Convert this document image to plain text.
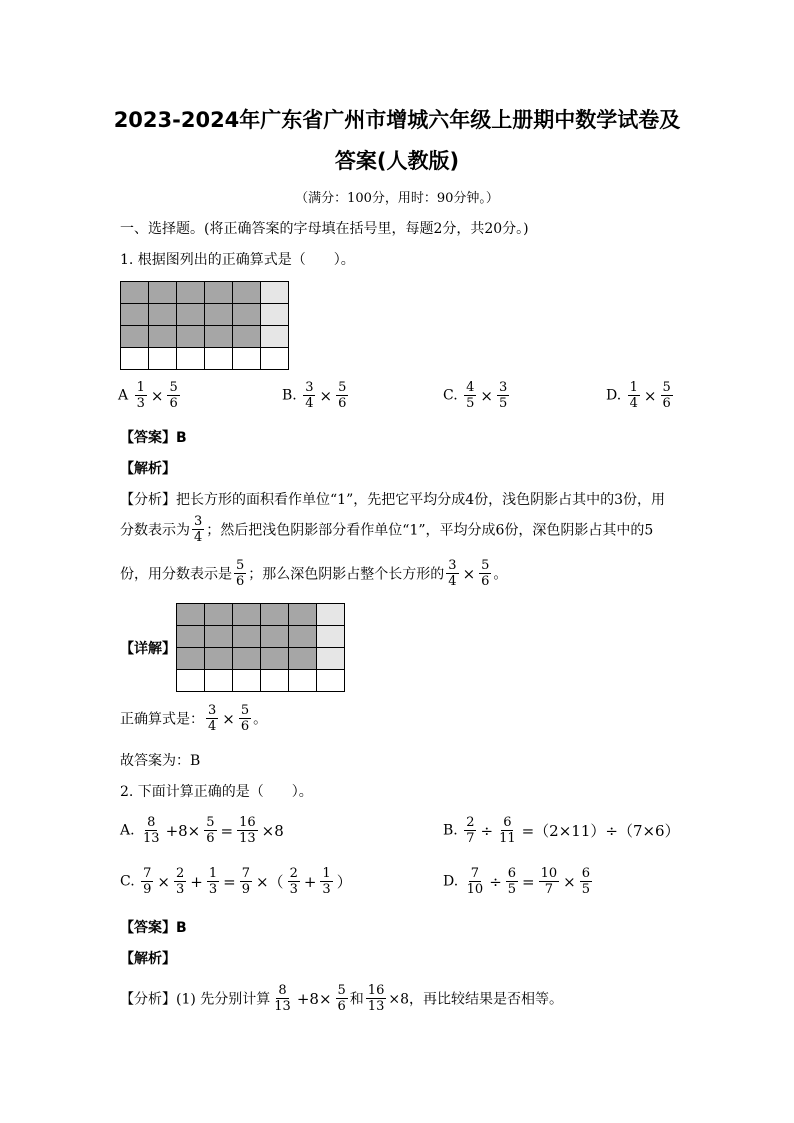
2023-2024年广东省广州市增城六年级上册期中数学试卷及
答案(人教版)
（满分：100分，用时：90分钟。）
一、选择题。(将正确答案的字母填在括号里，每题2分，共20分。)
1. 根据图列出的正确算式是（　　）。

A $\frac{1}{3} \times \frac{5}{6}$	B. $\frac{3}{4} \times \frac{5}{6}$	C. $\frac{4}{5} \times \frac{3}{5}$	D. $\frac{1}{4} \times \frac{5}{6}$
【答案】B
【解析】
【分析】把长方形的面积看作单位“1”，先把它平均分成4份，浅色阴影占其中的3份，用
分数表示为 $\frac{3}{4}$ ；然后把浅色阴影部分看作单位“1”，平均分成6份，深色阴影占其中的5
份，用分数表示是 $\frac{5}{6}$ ；那么深色阴影占整个长方形的 $\frac{3}{4} \times \frac{5}{6}$ 。
【详解】

正确算式是： $\frac{3}{4} \times \frac{5}{6}$ 。
故答案为：B
2. 下面计算正确的是（　　）。
A. $\frac{8}{13} +8\times \frac{5}{6} = \frac{16}{13} \times 8$	B. $\frac{2}{7} \div \frac{6}{11} =(2\times 11)\div(7\times 6)$
C. $\frac{7}{9} \times \frac{2}{3} + \frac{1}{3} = \frac{7}{9}$ ×（ $\frac{2}{3} + \frac{1}{3}$ ）	D. $\frac{7}{10} \div \frac{6}{5} = \frac{10}{7} \times \frac{6}{5}$
【答案】B
【解析】
【分析】(1) 先分别计算 $\frac{8}{13} +8\times \frac{5}{6}$ 和 $\frac{16}{13} \times 8$，再比较结果是否相等。
